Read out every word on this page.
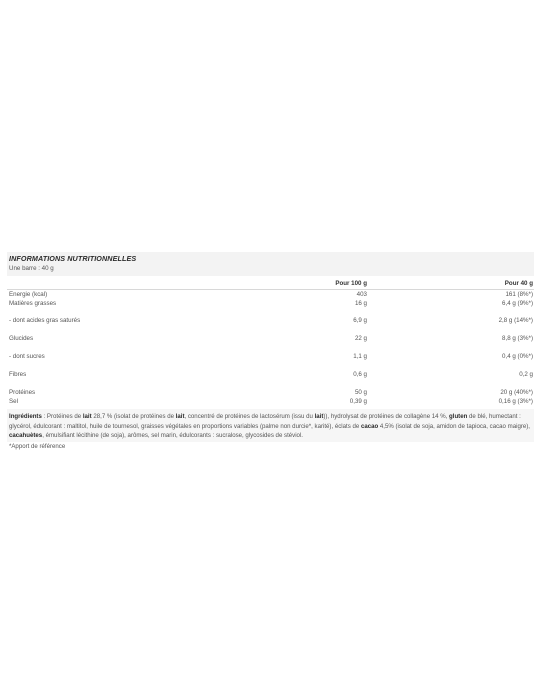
INFORMATIONS NUTRITIONNELLES
Une barre : 40 g
	Pour 100 g	Pour 40 g
Energie (kcal)	403	161 (8%*)
Matières grasses	16 g	6,4 g (9%*)
- dont acides gras saturés	6,9 g	2,8 g (14%*)
Glucides	22 g	8,8 g (3%*)
- dont sucres	1,1 g	0,4 g (0%*)
Fibres	0,6 g	0,2 g
Protéines	50 g	20 g (40%*)
Sel	0,39 g	0,16 g (3%*)
Ingrédients : Protéines de lait 28,7 % (isolat de protéines de lait, concentré de protéines de lactosérum (issu du lait)), hydrolysat de protéines de collagène 14 %, gluten de blé, humectant : glycérol, édulcorant : maltitol, huile de tournesol, graisses végétales en proportions variables (palme non durcie*, karité), éclats de cacao 4,5% (isolat de soja, amidon de tapioca, cacao maigre), cacahuètes, émulsifiant lécithine (de soja), arômes, sel marin, édulcorants : sucralose, glycosides de stéviol.
*Apport de référence
